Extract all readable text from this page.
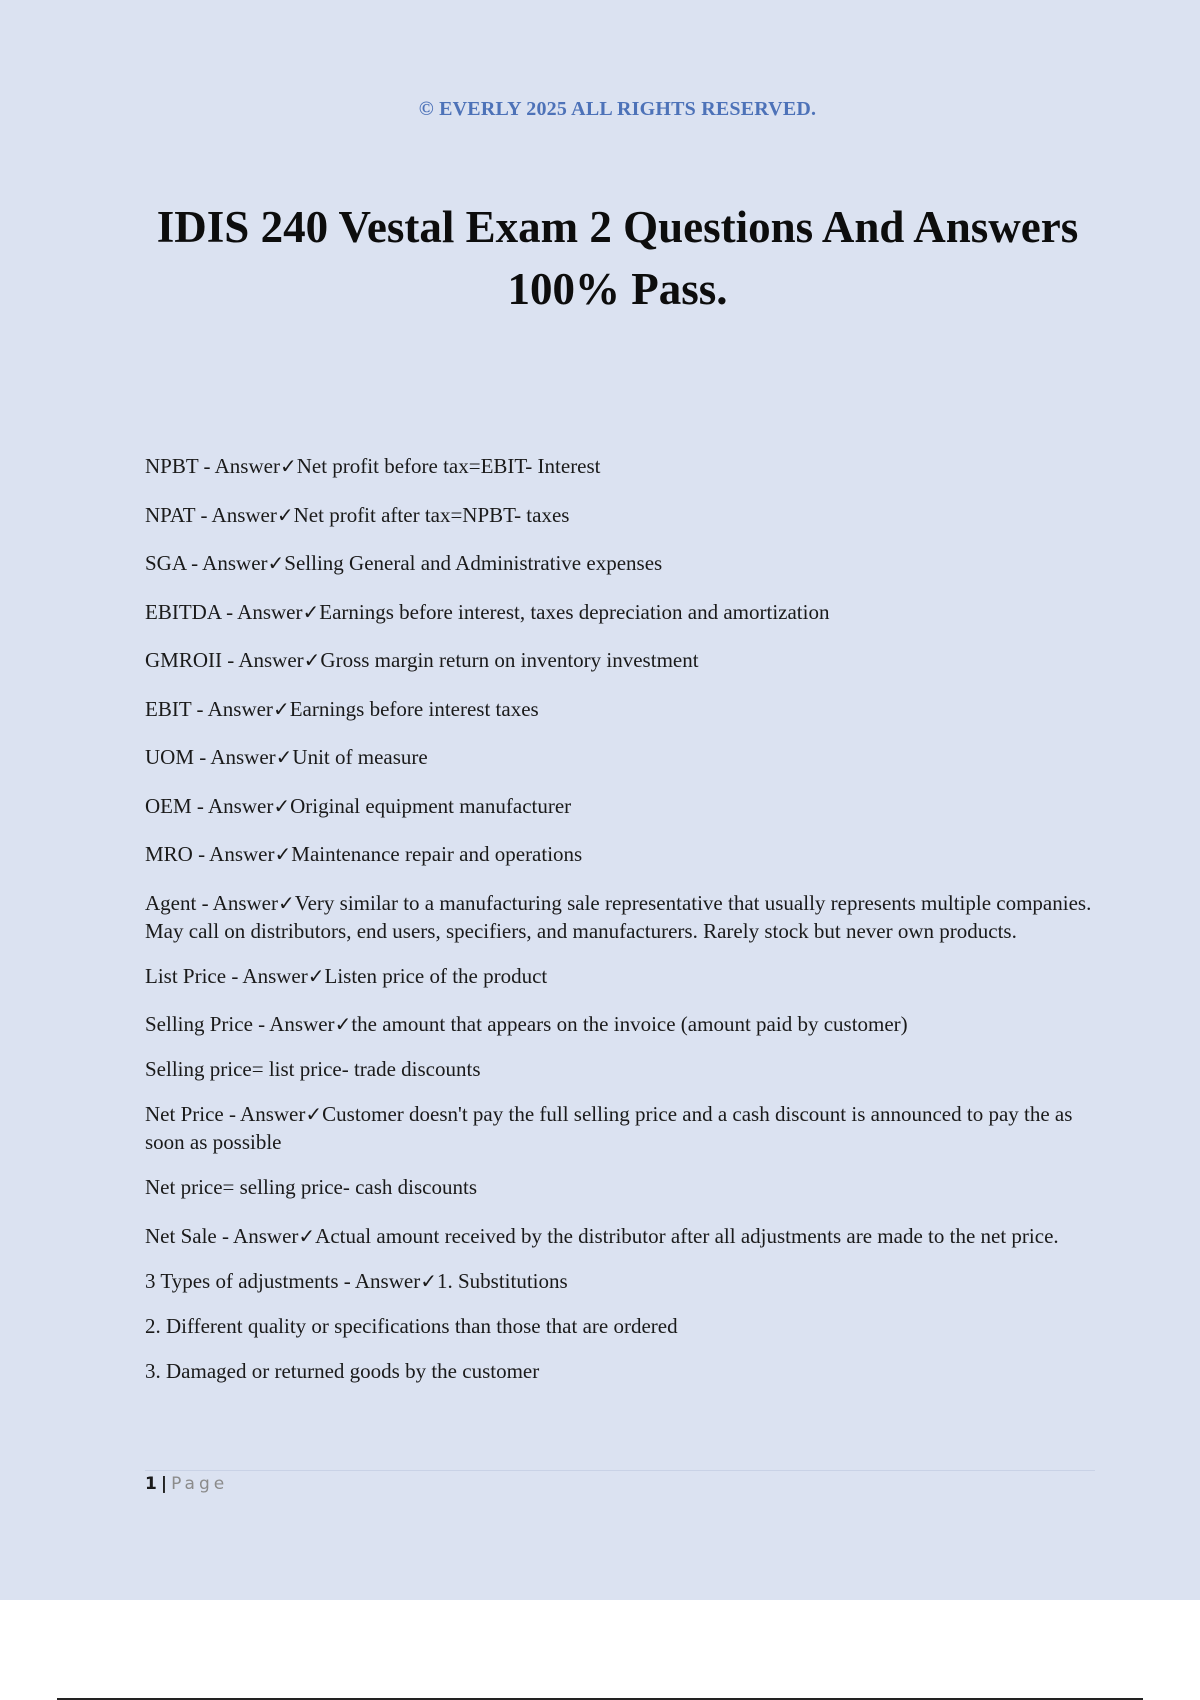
© EVERLY 2025 ALL RIGHTS RESERVED.
IDIS 240 Vestal Exam 2 Questions And Answers 100% Pass.

NPBT - Answer✓Net profit before tax=EBIT- Interest

NPAT - Answer✓Net profit after tax=NPBT- taxes

SGA - Answer✓Selling General and Administrative expenses

EBITDA - Answer✓Earnings before interest, taxes depreciation and amortization

GMROII - Answer✓Gross margin return on inventory investment

EBIT - Answer✓Earnings before interest taxes

UOM - Answer✓Unit of measure

OEM - Answer✓Original equipment manufacturer

MRO - Answer✓Maintenance repair and operations

Agent - Answer✓Very similar to a manufacturing sale representative that usually represents multiple companies. May call on distributors, end users, specifiers, and manufacturers. Rarely stock but never own products.

List Price - Answer✓Listen price of the product

Selling Price - Answer✓the amount that appears on the invoice (amount paid by customer)

Selling price= list price- trade discounts

Net Price - Answer✓Customer doesn't pay the full selling price and a cash discount is announced to pay the as soon as possible

Net price= selling price- cash discounts

Net Sale - Answer✓Actual amount received by the distributor after all adjustments are made to the net price.

3 Types of adjustments - Answer✓1. Substitutions

2. Different quality or specifications than those that are ordered

3. Damaged or returned goods by the customer

1 | Page
